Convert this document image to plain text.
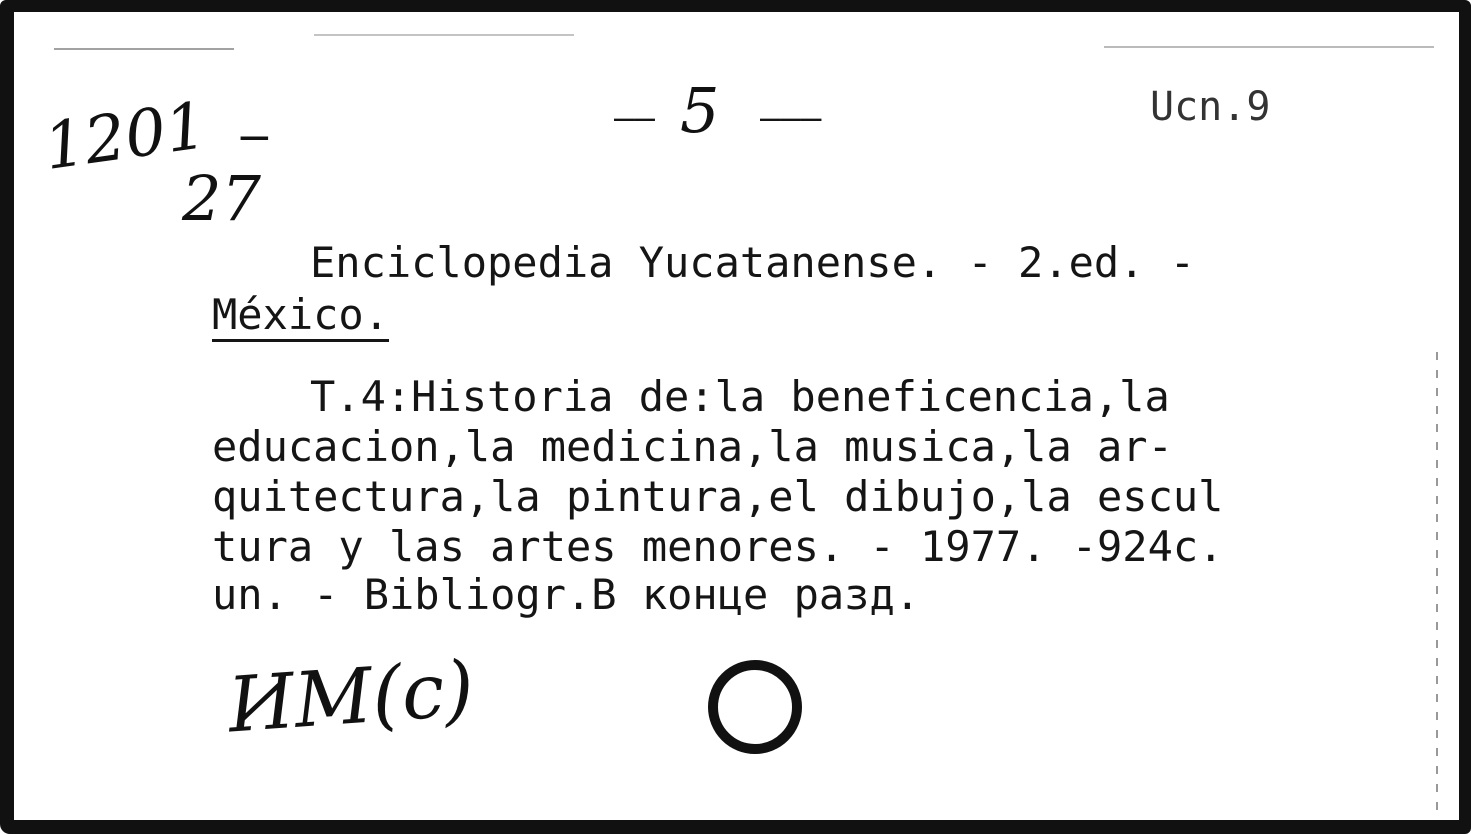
1201 −
27
—— 5 ———	Ucn.9
Enciclopedia Yucatanense. - 2.ed. -
México.
T.4:Historia de:la beneficencia,la
educacion,la medicina,la musica,la ar-
quitectura,la pintura,el dibujo,la escul
tura y las artes menores. - 1977. -924c.
un. - Bibliogr.В конце разд.
ИМ(с)
